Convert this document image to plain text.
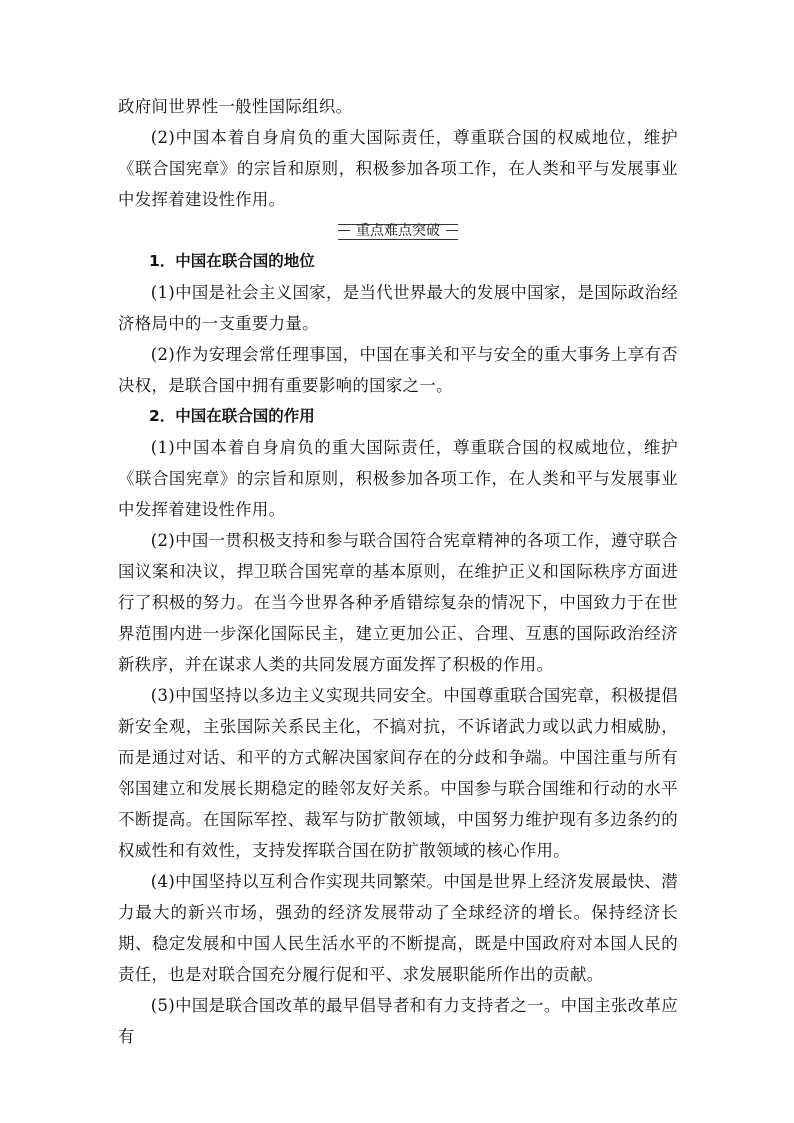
政府间世界性一般性国际组织。

(2)中国本着自身肩负的重大国际责任，尊重联合国的权威地位，维护《联合国宪章》的宗旨和原则，积极参加各项工作，在人类和平与发展事业中发挥着建设性作用。

重点难点突破

1．中国在联合国的地位

(1)中国是社会主义国家，是当代世界最大的发展中国家，是国际政治经济格局中的一支重要力量。

(2)作为安理会常任理事国，中国在事关和平与安全的重大事务上享有否决权，是联合国中拥有重要影响的国家之一。

2．中国在联合国的作用

(1)中国本着自身肩负的重大国际责任，尊重联合国的权威地位，维护《联合国宪章》的宗旨和原则，积极参加各项工作，在人类和平与发展事业中发挥着建设性作用。

(2)中国一贯积极支持和参与联合国符合宪章精神的各项工作，遵守联合国议案和决议，捍卫联合国宪章的基本原则，在维护正义和国际秩序方面进行了积极的努力。在当今世界各种矛盾错综复杂的情况下，中国致力于在世界范围内进一步深化国际民主，建立更加公正、合理、互惠的国际政治经济新秩序，并在谋求人类的共同发展方面发挥了积极的作用。

(3)中国坚持以多边主义实现共同安全。中国尊重联合国宪章，积极提倡新安全观，主张国际关系民主化，不搞对抗，不诉诸武力或以武力相威胁，而是通过对话、和平的方式解决国家间存在的分歧和争端。中国注重与所有邻国建立和发展长期稳定的睦邻友好关系。中国参与联合国维和行动的水平不断提高。在国际军控、裁军与防扩散领域，中国努力维护现有多边条约的权威性和有效性，支持发挥联合国在防扩散领域的核心作用。

(4)中国坚持以互利合作实现共同繁荣。中国是世界上经济发展最快、潜力最大的新兴市场，强劲的经济发展带动了全球经济的增长。保持经济长期、稳定发展和中国人民生活水平的不断提高，既是中国政府对本国人民的责任，也是对联合国充分履行促和平、求发展职能所作出的贡献。

(5)中国是联合国改革的最早倡导者和有力支持者之一。中国主张改革应有
